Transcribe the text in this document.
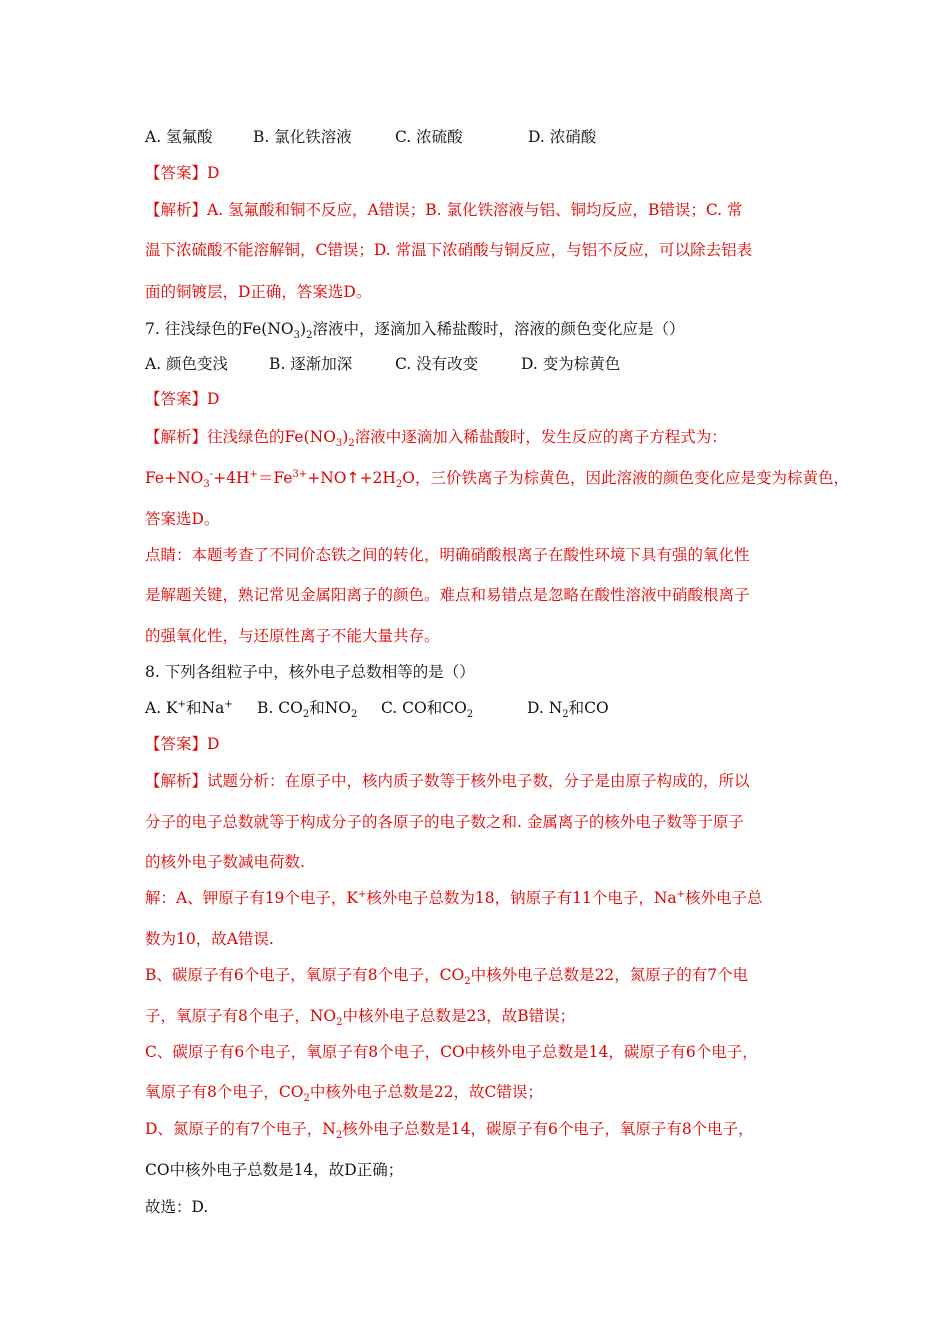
A. 氢氟酸	B. 氯化铁溶液	C. 浓硫酸	D. 浓硝酸
【答案】D
【解析】A. 氢氟酸和铜不反应，A错误；B. 氯化铁溶液与铝、铜均反应，B错误；C. 常
温下浓硫酸不能溶解铜，C错误；D. 常温下浓硝酸与铜反应，与铝不反应，可以除去铝表
面的铜镀层，D正确，答案选D。
7. 往浅绿色的$Fe(NO_3)_2$溶液中，逐滴加入稀盐酸时，溶液的颜色变化应是（）
A. 颜色变浅	B. 逐渐加深	C. 没有改变	D. 变为棕黄色
【答案】D
【解析】往浅绿色的$Fe(NO_3)_2$溶液中逐滴加入稀盐酸时，发生反应的离子方程式为：
$Fe+NO_3^-+4H^+=Fe^{3+}+NO↑+2H_2O$，三价铁离子为棕黄色，因此溶液的颜色变化应是变为棕黄色，
答案选D。
点睛：本题考查了不同价态铁之间的转化，明确硝酸根离子在酸性环境下具有强的氧化性
是解题关键，熟记常见金属阳离子的颜色。难点和易错点是忽略在酸性溶液中硝酸根离子
的强氧化性，与还原性离子不能大量共存。
8. 下列各组粒子中，核外电子总数相等的是（）
A. K+和Na+ B. $CO_2$和$NO_2$ C. CO和$CO_2$	D. $N_2$和CO
【答案】D
【解析】试题分析：在原子中，核内质子数等于核外电子数，分子是由原子构成的，所以
分子的电子总数就等于构成分子的各原子的电子数之和. 金属离子的核外电子数等于原子
的核外电子数减电荷数.
解：A、钾原子有19个电子，K+核外电子总数为18，钠原子有11个电子，Na+核外电子总
数为10，故A错误.
B、碳原子有6个电子，氧原子有8个电子，$CO_2$中核外电子总数是22，氮原子的有7个电
子，氧原子有8个电子，$NO_2$中核外电子总数是23，故B错误；
C、碳原子有6个电子，氧原子有8个电子，CO中核外电子总数是14，碳原子有6个电子，
氧原子有8个电子，$CO_2$中核外电子总数是22，故C错误；
D、氮原子的有7个电子，$N_2$核外电子总数是14，碳原子有6个电子，氧原子有8个电子，
CO中核外电子总数是14，故D正确；
故选：D.
